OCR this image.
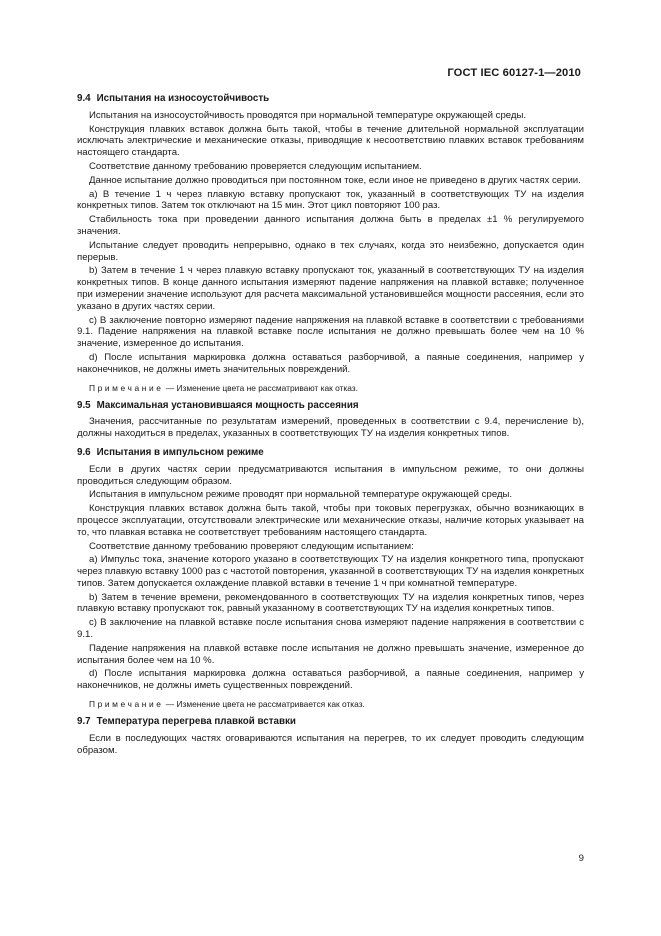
ГОСТ IEC 60127-1—2010
9.4 Испытания на износоустойчивость

Испытания на износоустойчивость проводятся при нормальной температуре окружающей среды.

Конструкция плавких вставок должна быть такой, чтобы в течение длительной нормальной эксплуатации исключать электрические и механические отказы, приводящие к несоответствию плавких вставок требованиям настоящего стандарта.

Соответствие данному требованию проверяется следующим испытанием.

Данное испытание должно проводиться при постоянном токе, если иное не приведено в других частях серии.

а) В течение 1 ч через плавкую вставку пропускают ток, указанный в соответствующих ТУ на изделия конкретных типов. Затем ток отключают на 15 мин. Этот цикл повторяют 100 раз.

Стабильность тока при проведении данного испытания должна быть в пределах ±1 % регулируемого значения.

Испытание следует проводить непрерывно, однако в тех случаях, когда это неизбежно, допускается один перерыв.

b) Затем в течение 1 ч через плавкую вставку пропускают ток, указанный в соответствующих ТУ на изделия конкретных типов. В конце данного испытания измеряют падение напряжения на плавкой вставке; полученное при измерении значение используют для расчета максимальной установившейся мощности рассеяния, если это указано в других частях серии.

c) В заключение повторно измеряют падение напряжения на плавкой вставке в соответствии с требованиями 9.1. Падение напряжения на плавкой вставке после испытания не должно превышать более чем на 10 % значение, измеренное до испытания.

d) После испытания маркировка должна оставаться разборчивой, а паяные соединения, например у наконечников, не должны иметь значительных повреждений.

Примечание — Изменение цвета не рассматривают как отказ.
9.5 Максимальная установившаяся мощность рассеяния

Значения, рассчитанные по результатам измерений, проведенных в соответствии с 9.4, перечисление b), должны находиться в пределах, указанных в соответствующих ТУ на изделия конкретных типов.

9.6 Испытания в импульсном режиме

Если в других частях серии предусматриваются испытания в импульсном режиме, то они должны проводиться следующим образом.

Испытания в импульсном режиме проводят при нормальной температуре окружающей среды.

Конструкция плавких вставок должна быть такой, чтобы при токовых перегрузках, обычно возникающих в процессе эксплуатации, отсутствовали электрические или механические отказы, наличие которых указывает на то, что плавкая вставка не соответствует требованиям настоящего стандарта.

Соответствие данному требованию проверяют следующим испытанием:

а) Импульс тока, значение которого указано в соответствующих ТУ на изделия конкретного типа, пропускают через плавкую вставку 1000 раз с частотой повторения, указанной в соответствующих ТУ на изделия конкретных типов. Затем допускается охлаждение плавкой вставки в течение 1 ч при комнатной температуре.

b) Затем в течение времени, рекомендованного в соответствующих ТУ на изделия конкретных типов, через плавкую вставку пропускают ток, равный указанному в соответствующих ТУ на изделия конкретных типов.

c) В заключение на плавкой вставке после испытания снова измеряют падение напряжения в соответствии с 9.1.

Падение напряжения на плавкой вставке после испытания не должно превышать значение, измеренное до испытания более чем на 10 %.

d) После испытания маркировка должна оставаться разборчивой, а паяные соединения, например у наконечников, не должны иметь существенных повреждений.

Примечание — Изменение цвета не рассматривается как отказ.
9.7 Температура перегрева плавкой вставки

Если в последующих частях оговариваются испытания на перегрев, то их следует проводить следующим образом.

9
